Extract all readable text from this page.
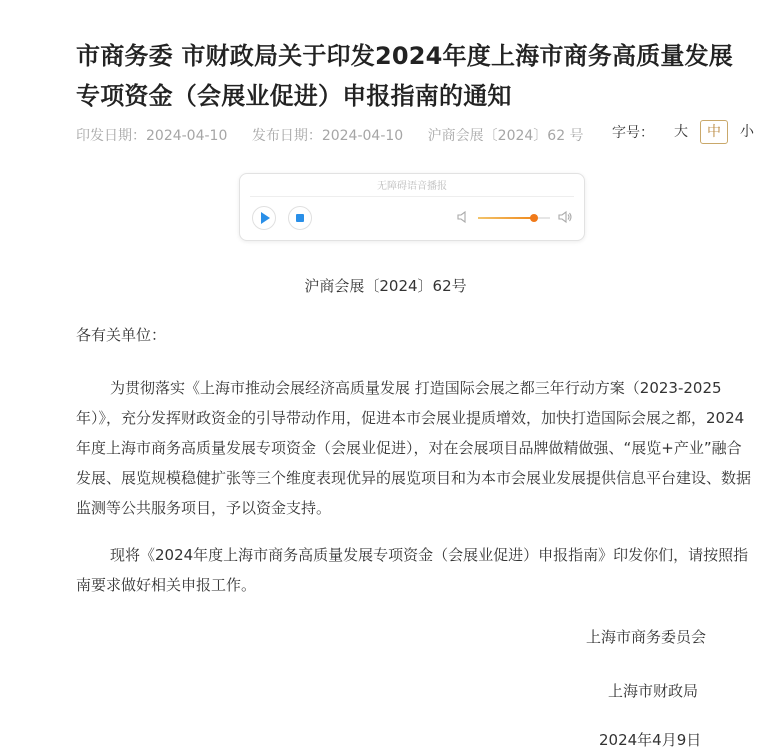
市商务委 市财政局关于印发2024年度上海市商务高质量发展专项资金（会展业促进）申报指南的通知
印发日期：2024-04-10 发布日期：2024-04-10 沪商会展〔2024〕62 号	字号：	大	中	小
无障碍语音播报
沪商会展〔2024〕62号

各有关单位：

为贯彻落实《上海市推动会展经济高质量发展 打造国际会展之都三年行动方案（2023-2025年）》，充分发挥财政资金的引导带动作用，促进本市会展业提质增效，加快打造国际会展之都，2024年度上海市商务高质量发展专项资金（会展业促进），对在会展项目品牌做精做强、“展览+产业”融合发展、展览规模稳健扩张等三个维度表现优异的展览项目和为本市会展业发展提供信息平台建设、数据监测等公共服务项目，予以资金支持。

现将《2024年度上海市商务高质量发展专项资金（会展业促进）申报指南》印发你们，请按照指南要求做好相关申报工作。

上海市商务委员会

上海市财政局

2024年4月9日
